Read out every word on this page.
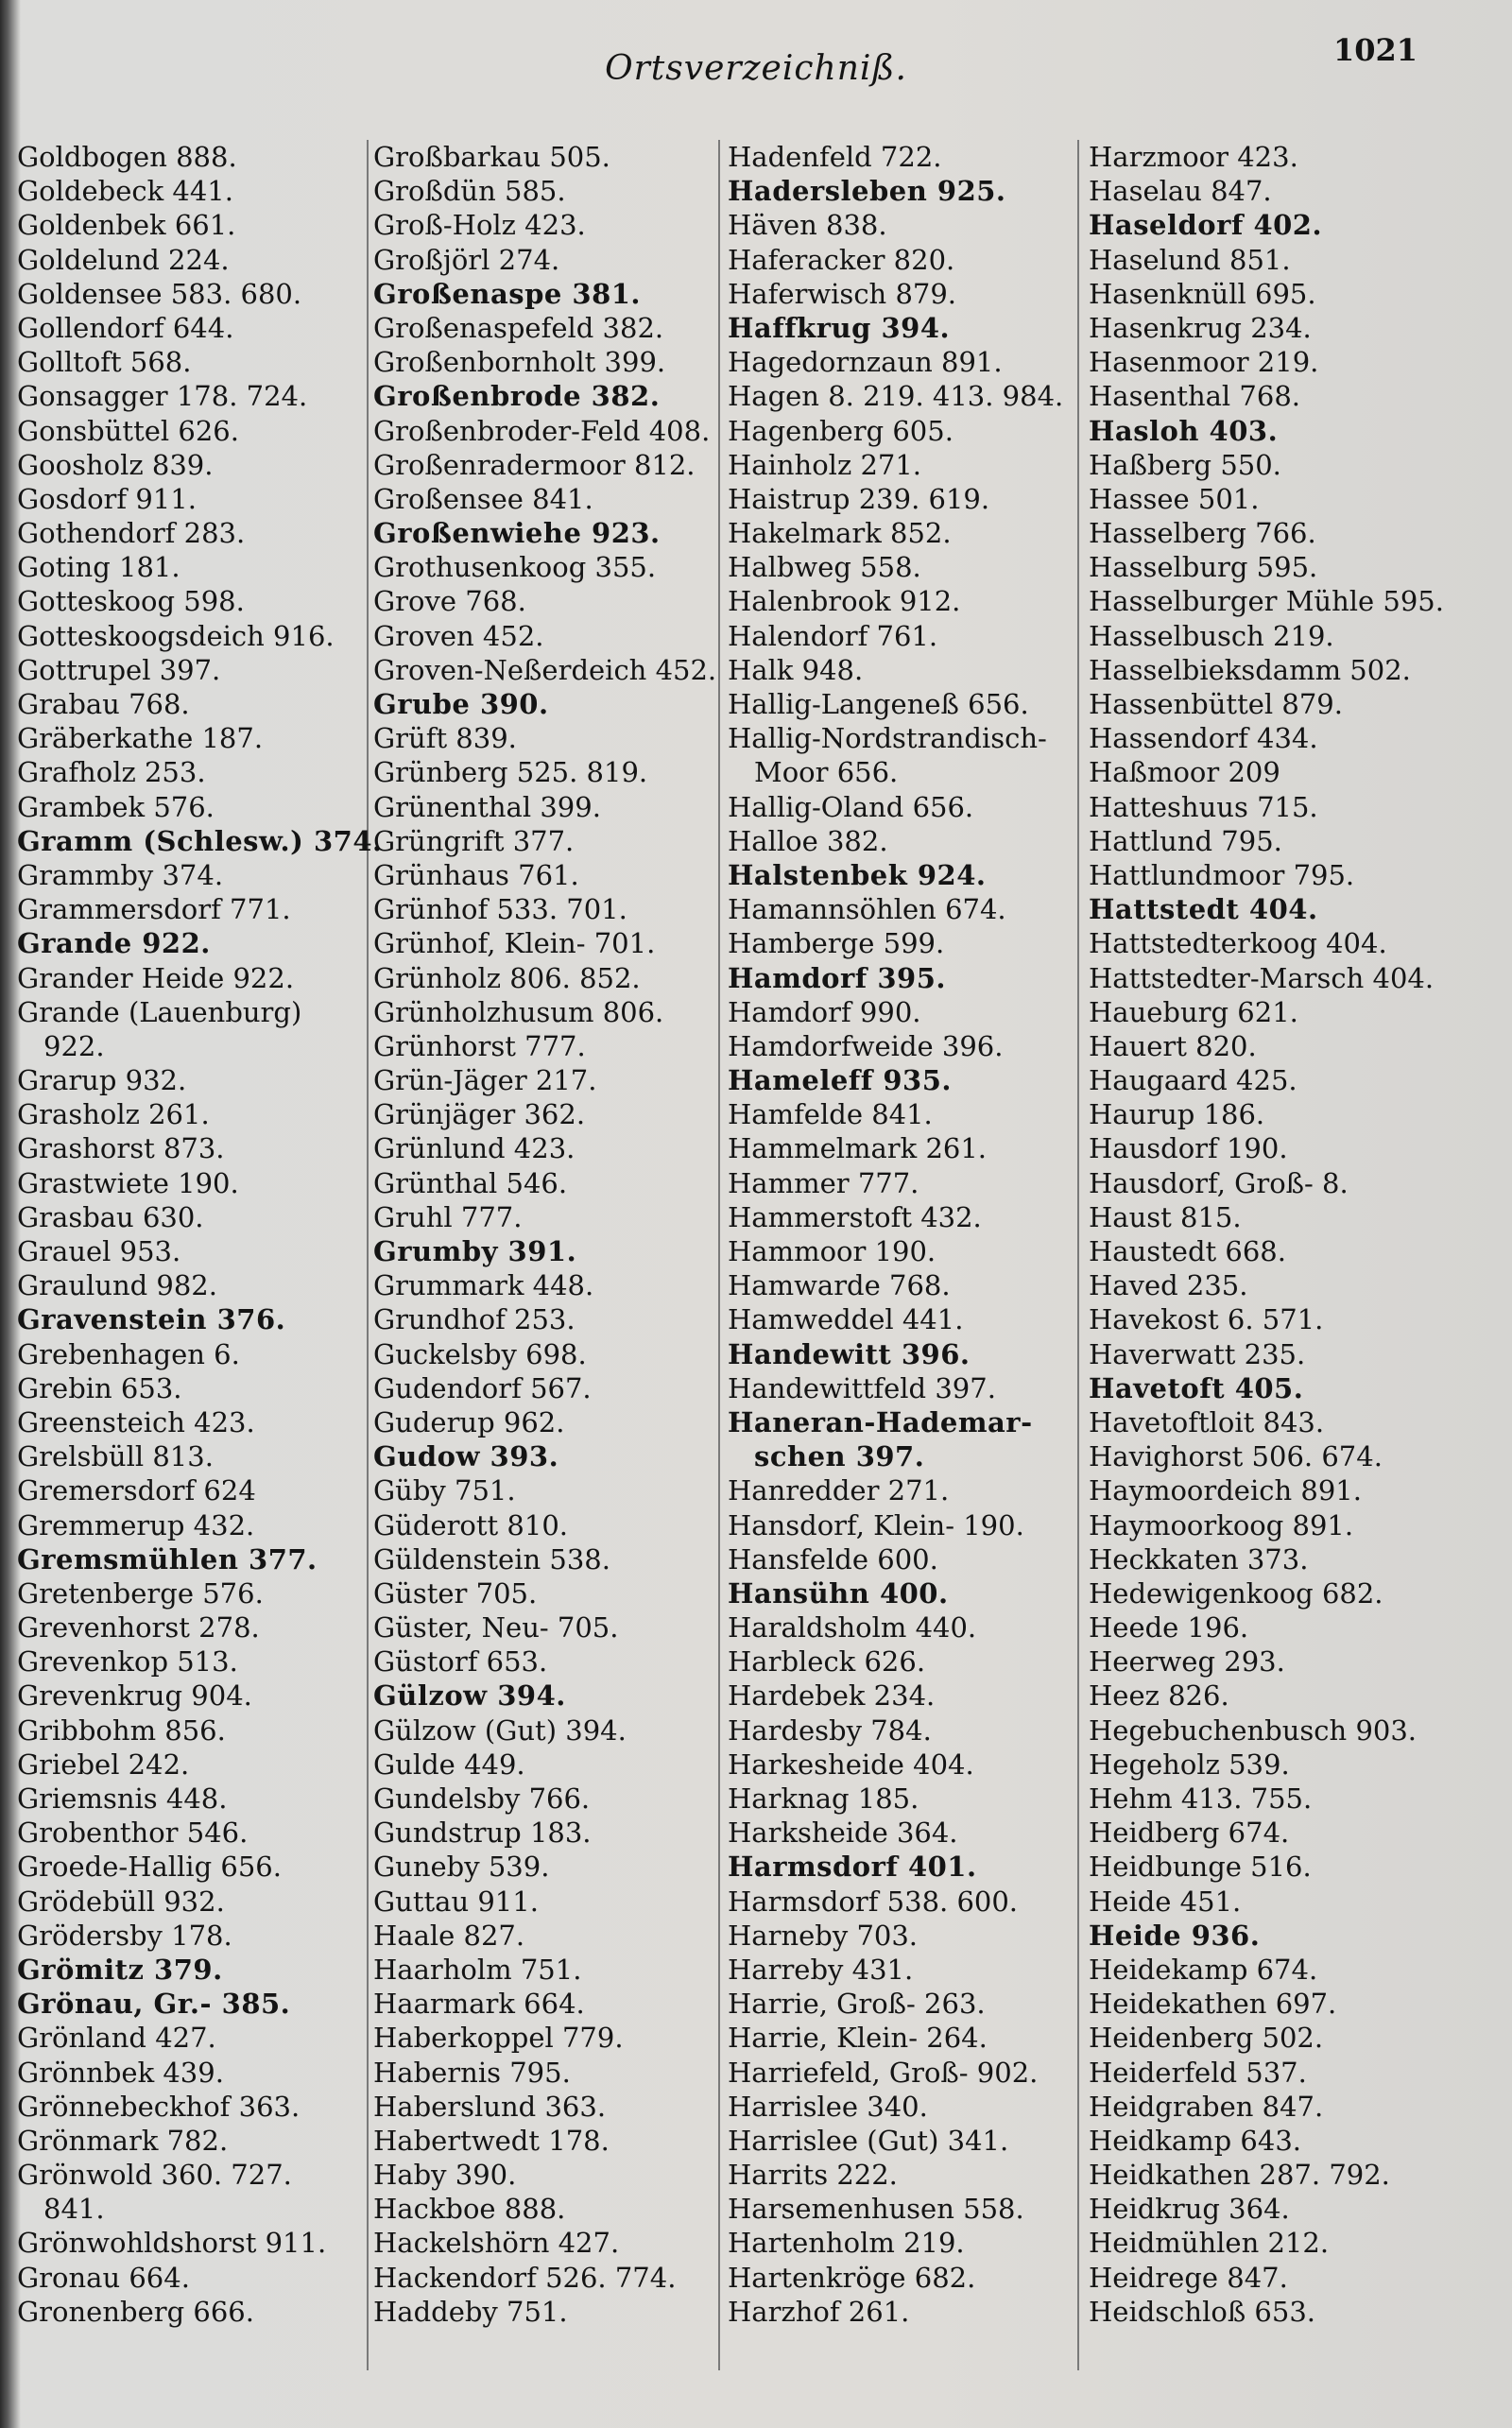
Ortsverzeichniß.	1021
Goldbogen 888.
Goldebeck 441.
Goldenbek 661.
Goldelund 224.
Goldensee 583. 680.
Gollendorf 644.
Golltoft 568.
Gonsagger 178. 724.
Gonsbüttel 626.
Goosholz 839.
Gosdorf 911.
Gothendorf 283.
Goting 181.
Gotteskoog 598.
Gotteskoogsdeich 916.
Gottrupel 397.
Grabau 768.
Gräberkathe 187.
Grafholz 253.
Grambek 576.
Gramm (Schlesw.) 374.
Grammby 374.
Grammersdorf 771.
Grande 922.
Grander Heide 922.
Grande (Lauenburg)
922.
Grarup 932.
Grasholz 261.
Grashorst 873.
Grastwiete 190.
Grasbau 630.
Grauel 953.
Graulund 982.
Gravenstein 376.
Grebenhagen 6.
Grebin 653.
Greensteich 423.
Grelsbüll 813.
Gremersdorf 624
Gremmerup 432.
Gremsmühlen 377.
Gretenberge 576.
Grevenhorst 278.
Grevenkop 513.
Grevenkrug 904.
Gribbohm 856.
Griebel 242.
Griemsnis 448.
Grobenthor 546.
Groede-Hallig 656.
Grödebüll 932.
Grödersby 178.
Grömitz 379.
Grönau, Gr.- 385.
Grönland 427.
Grönnbek 439.
Grönnebeckhof 363.
Grönmark 782.
Grönwold 360. 727.
841.
Grönwohldshorst 911.
Gronau 664.
Gronenberg 666.
Großbarkau 505.
Großdün 585.
Groß-Holz 423.
Großjörl 274.
Großenaspe 381.
Großenaspefeld 382.
Großenbornholt 399.
Großenbrode 382.
Großenbroder-Feld 408.
Großenradermoor 812.
Großensee 841.
Großenwiehe 923.
Grothusenkoog 355.
Grove 768.
Groven 452.
Groven-Neßerdeich 452.
Grube 390.
Grüft 839.
Grünberg 525. 819.
Grünenthal 399.
Grüngrift 377.
Grünhaus 761.
Grünhof 533. 701.
Grünhof, Klein- 701.
Grünholz 806. 852.
Grünholzhusum 806.
Grünhorst 777.
Grün-Jäger 217.
Grünjäger 362.
Grünlund 423.
Grünthal 546.
Gruhl 777.
Grumby 391.
Grummark 448.
Grundhof 253.
Guckelsby 698.
Gudendorf 567.
Guderup 962.
Gudow 393.
Güby 751.
Güderott 810.
Güldenstein 538.
Güster 705.
Güster, Neu- 705.
Güstorf 653.
Gülzow 394.
Gülzow (Gut) 394.
Gulde 449.
Gundelsby 766.
Gundstrup 183.
Guneby 539.
Guttau 911.
Haale 827.
Haarholm 751.
Haarmark 664.
Haberkoppel 779.
Habernis 795.
Haberslund 363.
Habertwedt 178.
Haby 390.
Hackboe 888.
Hackelshörn 427.
Hackendorf 526. 774.
Haddeby 751.
Hadenfeld 722.
Hadersleben 925.
Häven 838.
Haferacker 820.
Haferwisch 879.
Haffkrug 394.
Hagedornzaun 891.
Hagen 8. 219. 413. 984.
Hagenberg 605.
Hainholz 271.
Haistrup 239. 619.
Hakelmark 852.
Halbweg 558.
Halenbrook 912.
Halendorf 761.
Halk 948.
Hallig-Langeneß 656.
Hallig-Nordstrandisch-
Moor 656.
Hallig-Oland 656.
Halloe 382.
Halstenbek 924.
Hamannsöhlen 674.
Hamberge 599.
Hamdorf 395.
Hamdorf 990.
Hamdorfweide 396.
Hameleff 935.
Hamfelde 841.
Hammelmark 261.
Hammer 777.
Hammerstoft 432.
Hammoor 190.
Hamwarde 768.
Hamweddel 441.
Handewitt 396.
Handewittfeld 397.
Haneran-Hademar-
schen 397.
Hanredder 271.
Hansdorf, Klein- 190.
Hansfelde 600.
Hansühn 400.
Haraldsholm 440.
Harbleck 626.
Hardebek 234.
Hardesby 784.
Harkesheide 404.
Harknag 185.
Harksheide 364.
Harmsdorf 401.
Harmsdorf 538. 600.
Harneby 703.
Harreby 431.
Harrie, Groß- 263.
Harrie, Klein- 264.
Harriefeld, Groß- 902.
Harrislee 340.
Harrislee (Gut) 341.
Harrits 222.
Harsemenhusen 558.
Hartenholm 219.
Hartenkröge 682.
Harzhof 261.
Harzmoor 423.
Haselau 847.
Haseldorf 402.
Haselund 851.
Hasenknüll 695.
Hasenkrug 234.
Hasenmoor 219.
Hasenthal 768.
Hasloh 403.
Haßberg 550.
Hassee 501.
Hasselberg 766.
Hasselburg 595.
Hasselburger Mühle 595.
Hasselbusch 219.
Hasselbieksdamm 502.
Hassenbüttel 879.
Hassendorf 434.
Haßmoor 209
Hatteshuus 715.
Hattlund 795.
Hattlundmoor 795.
Hattstedt 404.
Hattstedterkoog 404.
Hattstedter-Marsch 404.
Haueburg 621.
Hauert 820.
Haugaard 425.
Haurup 186.
Hausdorf 190.
Hausdorf, Groß- 8.
Haust 815.
Haustedt 668.
Haved 235.
Havekost 6. 571.
Haverwatt 235.
Havetoft 405.
Havetoftloit 843.
Havighorst 506. 674.
Haymoordeich 891.
Haymoorkoog 891.
Heckkaten 373.
Hedewigenkoog 682.
Heede 196.
Heerweg 293.
Heez 826.
Hegebuchenbusch 903.
Hegeholz 539.
Hehm 413. 755.
Heidberg 674.
Heidbunge 516.
Heide 451.
Heide 936.
Heidekamp 674.
Heidekathen 697.
Heidenberg 502.
Heiderfeld 537.
Heidgraben 847.
Heidkamp 643.
Heidkathen 287. 792.
Heidkrug 364.
Heidmühlen 212.
Heidrege 847.
Heidschloß 653.
